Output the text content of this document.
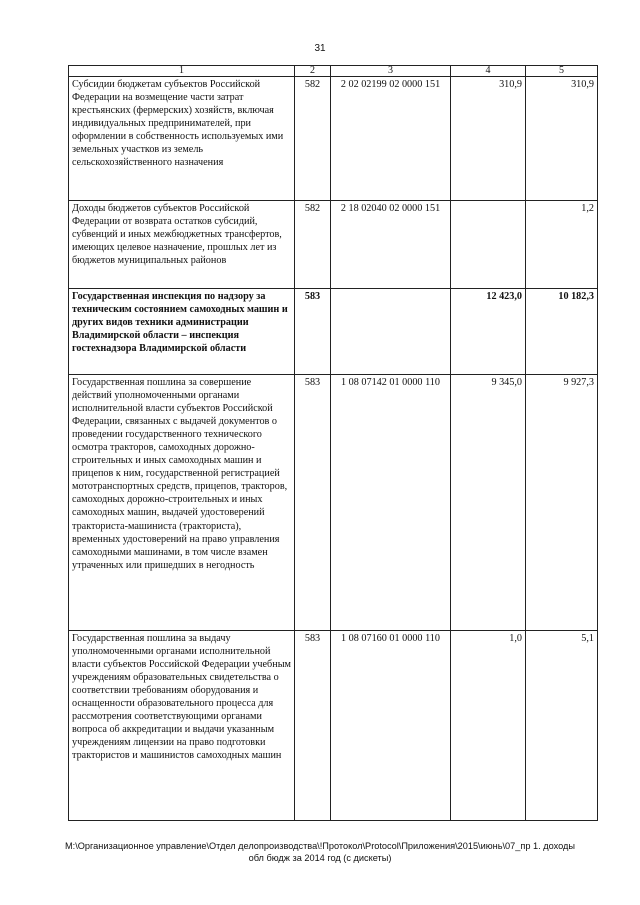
31
1	2	3	4	5
Субсидии бюджетам субъектов Российской Федерации на возмещение части затрат крестьянских (фермерских) хозяйств, включая индивидуальных предпринимателей, при оформлении в собственность используемых ими земельных участков из земель сельскохозяйственного назначения	582	2 02 02199 02 0000 151	310,9	310,9
Доходы бюджетов субъектов Российской Федерации от возврата остатков субсидий, субвенций и иных межбюджетных трансфертов, имеющих целевое назначение, прошлых лет из бюджетов муниципальных районов	582	2 18 02040 02 0000 151		1,2
Государственная инспекция по надзору за техническим состоянием самоходных машин и других видов техники администрации Владимирской области – инспекция гостехнадзора Владимирской области	583		12 423,0	10 182,3
Государственная пошлина за совершение действий уполномоченными органами исполнительной власти субъектов Российской Федерации, связанных с выдачей документов о проведении государственного технического осмотра тракторов, самоходных дорожно-строительных и иных самоходных машин и прицепов к ним, государственной регистрацией мототранспортных средств, прицепов, тракторов, самоходных дорожно-строительных и иных самоходных машин, выдачей удостоверений тракториста-машиниста (тракториста), временных удостоверений на право управления самоходными машинами, в том числе взамен утраченных или пришедших в негодность	583	1 08 07142 01 0000 110	9 345,0	9 927,3
Государственная пошлина за выдачу уполномоченными органами исполнительной власти субъектов Российской Федерации учебным учреждениям образовательных свидетельства о соответствии требованиям оборудования и оснащенности образовательного процесса для рассмотрения соответствующими органами вопроса об аккредитации и выдачи указанным учреждениям лицензии на право подготовки трактористов и машинистов самоходных машин	583	1 08 07160 01 0000 110	1,0	5,1
M:\Организационное управление\Отдел делопроизводства\!Протокол\Protocol\Приложения\2015\июнь\07_пр 1. доходы
обл бюдж за 2014 год (с дискеты)
